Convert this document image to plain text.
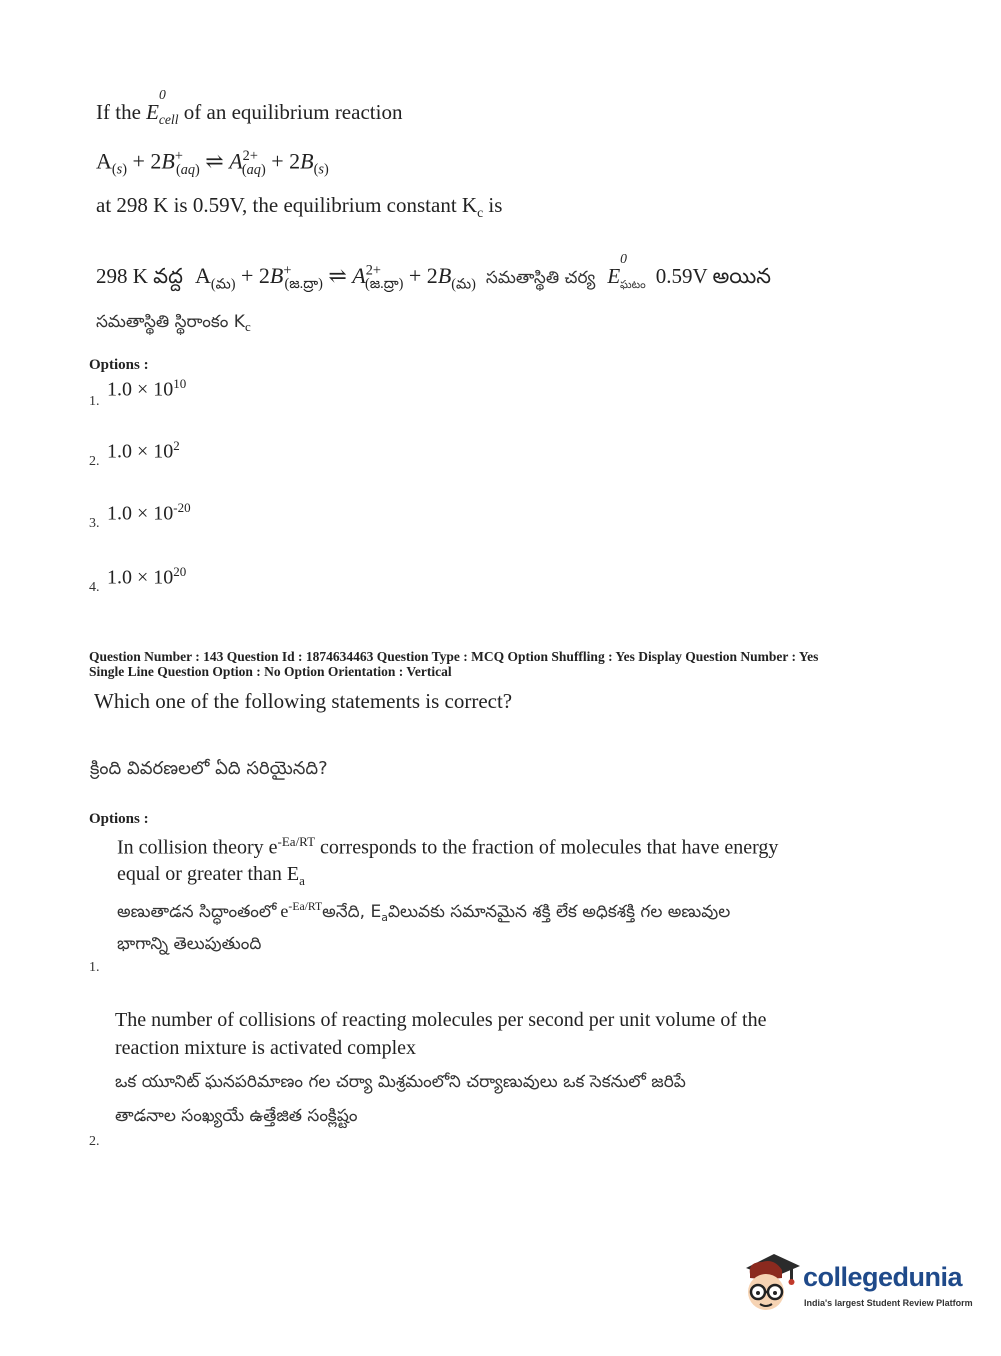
If the $E^0_{cell}$ of an equilibrium reaction
$A_{(s)} + 2B^+_{(aq)}$ ⇌ $A^{2+}_{(aq)} + 2B_{(s)}$
at 298 K is 0.59V, the equilibrium constant $K_c$ is
298 K వద్ద $A_{(మ)} + 2B^+_{(జ.ద్రా)}$ ⇌ $A^{2+}_{(జ.ద్రా)} + 2B_{(మ)}$ సమతాస్థితి చర్య $E^0_{ఘటం}$ 0.59V అయిన
సమతాస్థితి స్థిరాంకం $K_c$
Options :
1.
$1.0 \times 10^{10}$
2. $1.0 \times 10^2$
3. $1.0 \times 10^{-20}$
4. $1.0 \times 10^{20}$
Question Number : 143 Question Id : 1874634463 Question Type : MCQ Option Shuffling : Yes Display Question Number : Yes
Single Line Question Option : No Option Orientation : Vertical
Which one of the following statements is correct?
క్రింది వివరణలలో ఏది సరియైనది?
Options :
In collision theory $e^{-Ea/RT}$ corresponds to the fraction of molecules that have energy
equal or greater than $E_a$
అణుతాడన సిద్ధాంతంలో $e^{-Ea/RT}అనేది$, $E_aవిలువకు$ సమానమైన శక్తి లేక అధికశక్తి గల అణువుల
భాగాన్ని తెలుపుతుంది
1.
The number of collisions of reacting molecules per second per unit volume of the
reaction mixture is activated complex
ఒక యూనిట్ ఘనపరిమాణం గల చర్యా మిశ్రమంలోని చర్యాణువులు ఒక సెకనులో జరిపే
తాడనాల సంఖ్యయే ఉత్తేజిత సంక్లిష్టం
2.
collegedunia
India's largest Student Review Platform
